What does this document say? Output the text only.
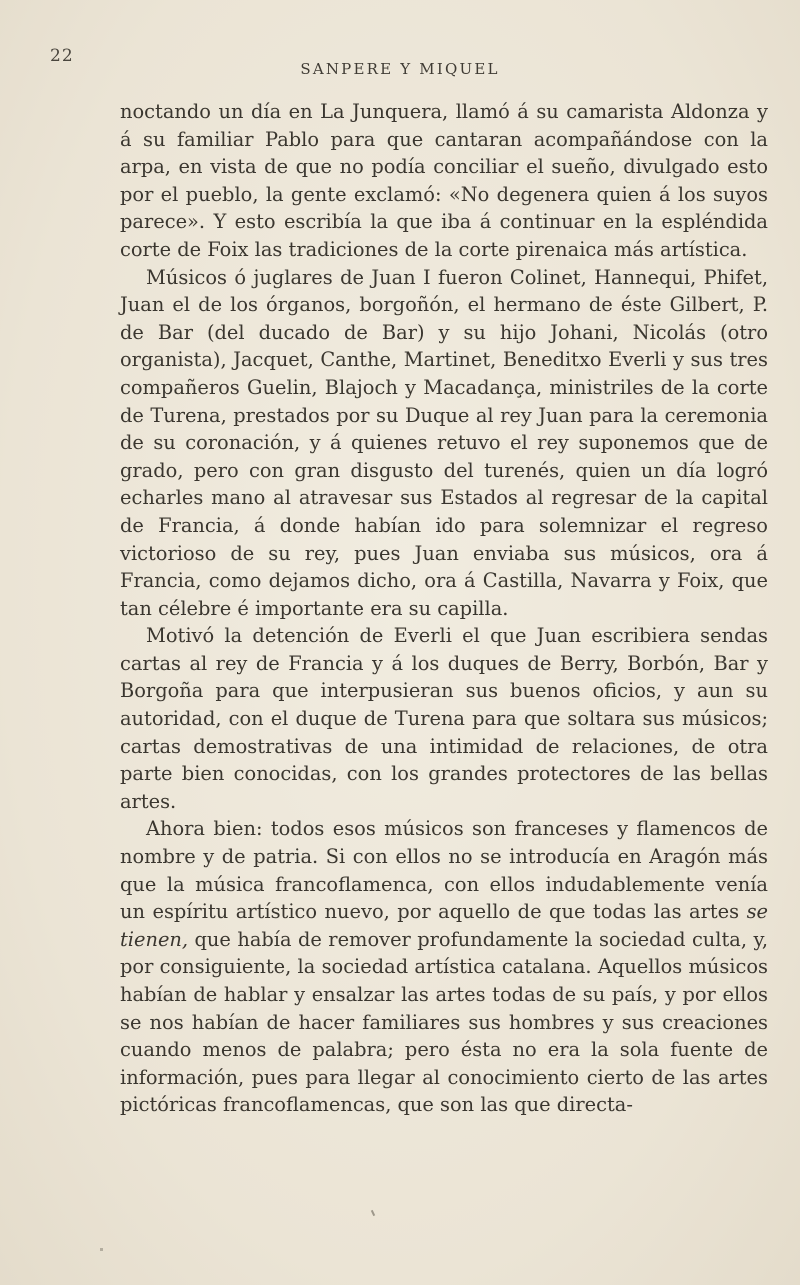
22
SANPERE Y MIQUEL

noctando un día en La Junquera, llamó á su camarista Aldonza y á su familiar Pablo para que cantaran acompañándose con la arpa, en vista de que no podía conciliar el sueño, divulgado esto por el pueblo, la gente exclamó: «No degenera quien á los suyos parece». Y esto escribía la que iba á continuar en la espléndida corte de Foix las tradiciones de la corte pirenaica más artística.

Músicos ó juglares de Juan I fueron Colinet, Hannequi, Phifet, Juan el de los órganos, borgoñón, el hermano de éste Gilbert, P. de Bar (del ducado de Bar) y su hijo Johani, Nicolás (otro organista), Jacquet, Canthe, Martinet, Beneditxo Everli y sus tres compañeros Guelin, Blajoch y Macadança, ministriles de la corte de Turena, prestados por su Duque al rey Juan para la ceremonia de su coronación, y á quienes retuvo el rey suponemos que de grado, pero con gran disgusto del turenés, quien un día logró echarles mano al atravesar sus Estados al regresar de la capital de Francia, á donde habían ido para solemnizar el regreso victorioso de su rey, pues Juan enviaba sus músicos, ora á Francia, como dejamos dicho, ora á Castilla, Navarra y Foix, que tan célebre é importante era su capilla.

Motivó la detención de Everli el que Juan escribiera sendas cartas al rey de Francia y á los duques de Berry, Borbón, Bar y Borgoña para que interpusieran sus buenos oficios, y aun su autoridad, con el duque de Turena para que soltara sus músicos; cartas demostrativas de una intimidad de relaciones, de otra parte bien conocidas, con los grandes protectores de las bellas artes.

Ahora bien: todos esos músicos son franceses y flamencos de nombre y de patria. Si con ellos no se introducía en Aragón más que la música francoflamenca, con ellos indudablemente venía un espíritu artístico nuevo, por aquello de que todas las artes se tienen, que había de remover profundamente la sociedad culta, y, por consiguiente, la sociedad artística catalana. Aquellos músicos habían de hablar y ensalzar las artes todas de su país, y por ellos se nos habían de hacer familiares sus hombres y sus creaciones cuando menos de palabra; pero ésta no era la sola fuente de información, pues para llegar al conocimiento cierto de las artes pictóricas francoflamencas, que son las que directa-
